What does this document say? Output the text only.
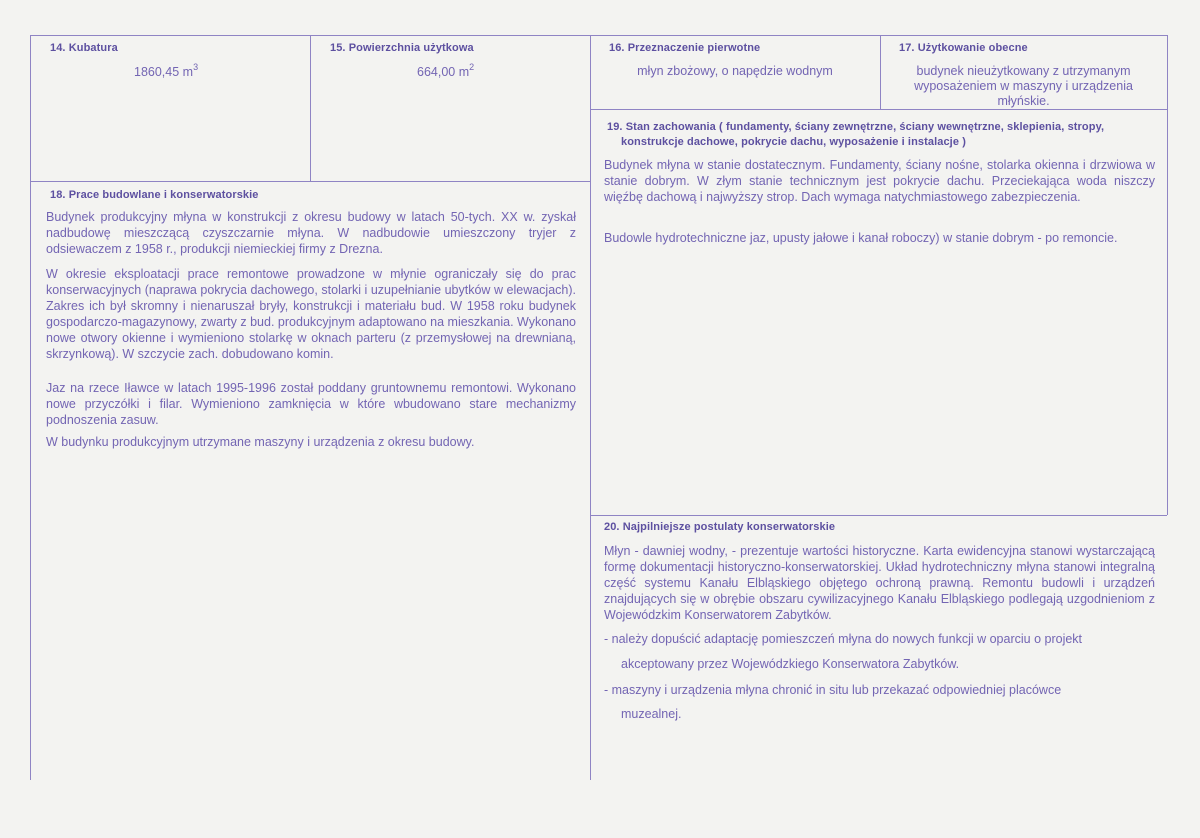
14. Kubatura
1860,45 $m^3$
15. Powierzchnia użytkowa
664,00 $m^2$
16. Przeznaczenie pierwotne
młyn zbożowy, o napędzie wodnym
17. Użytkowanie obecne
budynek nieużytkowany z utrzymanym
wyposażeniem w maszyny i urządzenia
młyńskie.
18. Prace budowlane i konserwatorskie
Budynek produkcyjny młyna w konstrukcji z okresu budowy w latach 50-tych. XX w. zyskał nadbudowę mieszczącą czyszczarnie młyna. W nadbudowie umieszczony tryjer z odsiewaczem z 1958 r., produkcji niemieckiej firmy z Drezna.
W okresie eksploatacji prace remontowe prowadzone w młynie ograniczały się do prac konserwacyjnych (naprawa pokrycia dachowego, stolarki i uzupełnianie ubytków w elewacjach). Zakres ich był skromny i nienaruszał bryły, konstrukcji i materiału bud. W 1958 roku budynek gospodarczo-magazynowy, zwarty z bud. produkcyjnym adaptowano na mieszkania. Wykonano nowe otwory okienne i wymieniono stolarkę w oknach parteru (z przemysłowej na drewnianą, skrzynkową). W szczycie zach. dobudowano komin.
Jaz na rzece Iławce w latach 1995-1996 został poddany gruntownemu remontowi. Wykonano nowe przyczółki i filar. Wymieniono zamknięcia w które wbudowano stare mechanizmy podnoszenia zasuw.
W budynku produkcyjnym utrzymane maszyny i urządzenia z okresu budowy.
19. Stan zachowania ( fundamenty, ściany zewnętrzne, ściany wewnętrzne, sklepienia, stropy,
konstrukcje dachowe, pokrycie dachu, wyposażenie i instalacje )
Budynek młyna w stanie dostatecznym. Fundamenty, ściany nośne, stolarka okienna i drzwiowa w stanie dobrym. W złym stanie technicznym jest pokrycie dachu. Przeciekająca woda niszczy więźbę dachową i najwyższy strop. Dach wymaga natychmiastowego zabezpieczenia.
Budowle hydrotechniczne jaz, upusty jałowe i kanał roboczy) w stanie dobrym - po remoncie.
20. Najpilniejsze postulaty konserwatorskie
Młyn - dawniej wodny, - prezentuje wartości historyczne. Karta ewidencyjna stanowi wystarczającą formę dokumentacji historyczno-konserwatorskiej. Układ hydrotechniczny młyna stanowi integralną część systemu Kanału Elbląskiego objętego ochroną prawną. Remontu budowli i urządzeń znajdujących się w obrębie obszaru cywilizacyjnego Kanału Elbląskiego podlegają uzgodnieniom z Wojewódzkim Konserwatorem Zabytków.
- należy dopuścić adaptację pomieszczeń młyna do nowych funkcji w oparciu o projekt
akceptowany przez Wojewódzkiego Konserwatora Zabytków.
- maszyny i urządzenia młyna chronić in situ lub przekazać odpowiedniej placówce
muzealnej.
